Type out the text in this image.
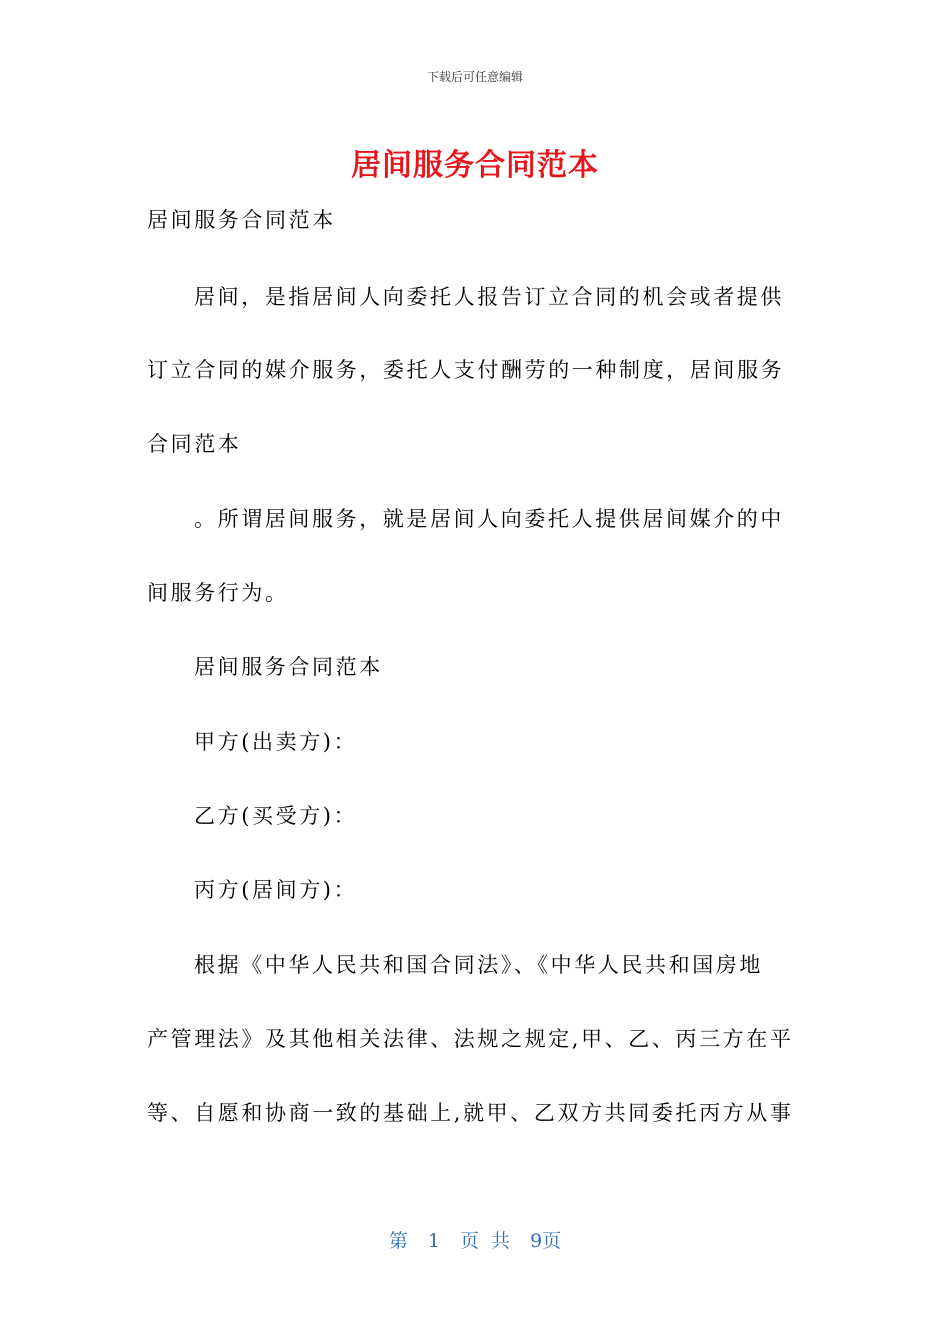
下载后可任意编辑
居间服务合同范本
居间服务合同范本
居间，是指居间人向委托人报告订立合同的机会或者提供
订立合同的媒介服务，委托人支付酬劳的一种制度，居间服务
合同范本
。所谓居间服务，就是居间人向委托人提供居间媒介的中
间服务行为。
居间服务合同范本
甲方(出卖方)：
乙方(买受方)：
丙方(居间方)：
根据《中华人民共和国合同法》、《中华人民共和国房地
产管理法》及其他相关法律、法规之规定,甲、乙、丙三方在平
等、自愿和协商一致的基础上,就甲、乙双方共同委托丙方从事
第 1 页 共 9页
